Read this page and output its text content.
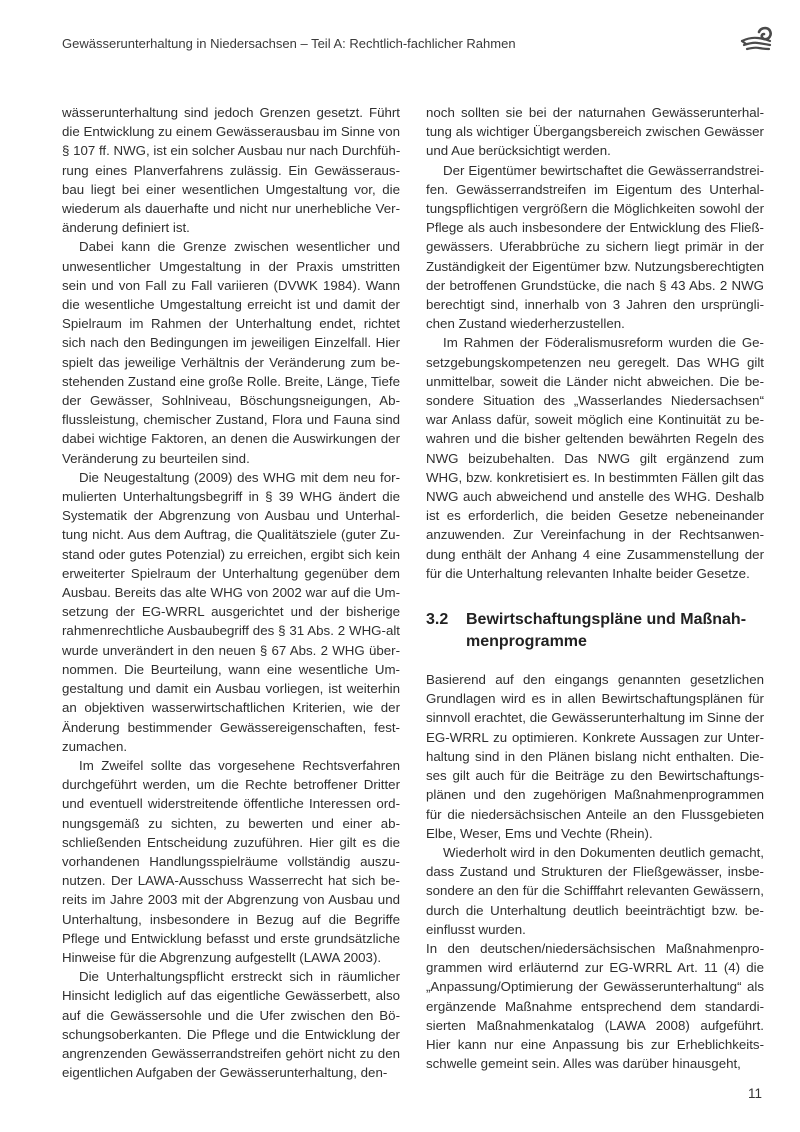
Gewässerunterhaltung in Niedersachsen – Teil A: Rechtlich-fachlicher Rahmen
wässerunterhaltung sind jedoch Grenzen gesetzt. Führt
die Entwicklung zu einem Gewässerausbau im Sinne von
§ 107 ff. NWG, ist ein solcher Ausbau nur nach Durchfüh-
rung eines Planverfahrens zulässig. Ein Gewässeraus-
bau liegt bei einer wesentlichen Umgestaltung vor, die
wiederum als dauerhafte und nicht nur unerhebliche Ver-
änderung definiert ist.
Dabei kann die Grenze zwischen wesentlicher und
unwesentlicher Umgestaltung in der Praxis umstritten
sein und von Fall zu Fall variieren (DVWK 1984). Wann
die wesentliche Umgestaltung erreicht ist und damit der
Spielraum im Rahmen der Unterhaltung endet, richtet
sich nach den Bedingungen im jeweiligen Einzelfall. Hier
spielt das jeweilige Verhältnis der Veränderung zum be-
stehenden Zustand eine große Rolle. Breite, Länge, Tiefe
der Gewässer, Sohlniveau, Böschungsneigungen, Ab-
flussleistung, chemischer Zustand, Flora und Fauna sind
dabei wichtige Faktoren, an denen die Auswirkungen der
Veränderung zu beurteilen sind.
Die Neugestaltung (2009) des WHG mit dem neu for-
mulierten Unterhaltungsbegriff in § 39 WHG ändert die
Systematik der Abgrenzung von Ausbau und Unterhal-
tung nicht. Aus dem Auftrag, die Qualitätsziele (guter Zu-
stand oder gutes Potenzial) zu erreichen, ergibt sich kein
erweiterter Spielraum der Unterhaltung gegenüber dem
Ausbau. Bereits das alte WHG von 2002 war auf die Um-
setzung der EG-WRRL ausgerichtet und der bisherige
rahmenrechtliche Ausbaubegriff des § 31 Abs. 2 WHG-alt
wurde unverändert in den neuen § 67 Abs. 2 WHG über-
nommen. Die Beurteilung, wann eine wesentliche Um-
gestaltung und damit ein Ausbau vorliegen, ist weiterhin
an objektiven wasserwirtschaftlichen Kriterien, wie der
Änderung bestimmender Gewässereigenschaften, fest-
zumachen.
Im Zweifel sollte das vorgesehene Rechtsverfahren
durchgeführt werden, um die Rechte betroffener Dritter
und eventuell widerstreitende öffentliche Interessen ord-
nungsgemäß zu sichten, zu bewerten und einer ab-
schließenden Entscheidung zuzuführen. Hier gilt es die
vorhandenen Handlungsspielräume vollständig auszu-
nutzen. Der LAWA-Ausschuss Wasserrecht hat sich be-
reits im Jahre 2003 mit der Abgrenzung von Ausbau und
Unterhaltung, insbesondere in Bezug auf die Begriffe
Pflege und Entwicklung befasst und erste grundsätzliche
Hinweise für die Abgrenzung aufgestellt (LAWA 2003).
Die Unterhaltungspflicht erstreckt sich in räumlicher
Hinsicht lediglich auf das eigentliche Gewässerbett, also
auf die Gewässersohle und die Ufer zwischen den Bö-
schungsoberkanten. Die Pflege und die Entwicklung der
angrenzenden Gewässerrandstreifen gehört nicht zu den
eigentlichen Aufgaben der Gewässerunterhaltung, den-
noch sollten sie bei der naturnahen Gewässerunterhal-
tung als wichtiger Übergangsbereich zwischen Gewässer
und Aue berücksichtigt werden.
Der Eigentümer bewirtschaftet die Gewässerrandstrei-
fen. Gewässerrandstreifen im Eigentum des Unterhal-
tungspflichtigen vergrößern die Möglichkeiten sowohl der
Pflege als auch insbesondere der Entwicklung des Fließ-
gewässers. Uferabbrüche zu sichern liegt primär in der
Zuständigkeit der Eigentümer bzw. Nutzungsberechtigten
der betroffenen Grundstücke, die nach § 43 Abs. 2 NWG
berechtigt sind, innerhalb von 3 Jahren den ursprüngli-
chen Zustand wiederherzustellen.
Im Rahmen der Föderalismusreform wurden die Ge-
setzgebungskompetenzen neu geregelt. Das WHG gilt
unmittelbar, soweit die Länder nicht abweichen. Die be-
sondere Situation des „Wasserlandes Niedersachsen“
war Anlass dafür, soweit möglich eine Kontinuität zu be-
wahren und die bisher geltenden bewährten Regeln des
NWG beizubehalten. Das NWG gilt ergänzend zum
WHG, bzw. konkretisiert es. In bestimmten Fällen gilt das
NWG auch abweichend und anstelle des WHG. Deshalb
ist es erforderlich, die beiden Gesetze nebeneinander
anzuwenden. Zur Vereinfachung in der Rechtsanwen-
dung enthält der Anhang 4 eine Zusammenstellung der
für die Unterhaltung relevanten Inhalte beider Gesetze.
3.2	Bewirtschaftungspläne und Maßnah-
menprogramme
Basierend auf den eingangs genannten gesetzlichen
Grundlagen wird es in allen Bewirtschaftungsplänen für
sinnvoll erachtet, die Gewässerunterhaltung im Sinne der
EG-WRRL zu optimieren. Konkrete Aussagen zur Unter-
haltung sind in den Plänen bislang nicht enthalten. Die-
ses gilt auch für die Beiträge zu den Bewirtschaftungs-
plänen und den zugehörigen Maßnahmenprogrammen
für die niedersächsischen Anteile an den Flussgebieten
Elbe, Weser, Ems und Vechte (Rhein).
Wiederholt wird in den Dokumenten deutlich gemacht,
dass Zustand und Strukturen der Fließgewässer, insbe-
sondere an den für die Schifffahrt relevanten Gewässern,
durch die Unterhaltung deutlich beeinträchtigt bzw. be-
einflusst wurden.
In den deutschen/niedersächsischen Maßnahmenpro-
grammen wird erläuternd zur EG-WRRL Art. 11 (4) die
„Anpassung/Optimierung der Gewässerunterhaltung“ als
ergänzende Maßnahme entsprechend dem standardi-
sierten Maßnahmenkatalog (LAWA 2008) aufgeführt.
Hier kann nur eine Anpassung bis zur Erheblichkeits-
schwelle gemeint sein. Alles was darüber hinausgeht,
11
